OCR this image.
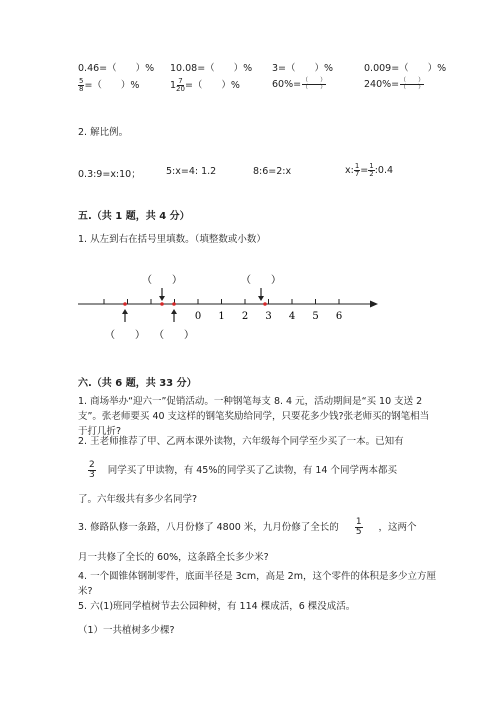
0.46=（　　）% 10.08=（　　）% 3=（　　）%	0.009=（　　）%
$\frac{5}{8}$ =（　　）%	$1 \frac{7}{20}$ =（　　）%	60%= （　　）
（　　）	240%= （　　）
（　　）
2. 解比例。
0.3:9=x:10；	5:x=4: 1.2	8:6=2:x	x: $\frac{1}{7} = \frac{1}{2}$ :0.4
五.（共 1 题，共 4 分）
1. 从左到右在括号里填数。（填整数或小数）
0 1 2 3 4 5 6
（　　）	（　　）
（　　） （　　）
六.（共 6 题，共 33 分）
1. 商场举办“迎六一”促销活动。一种钢笔每支 8. 4 元，活动期间是“买 10 支送 2 支”。张老师要买 40 支这样的钢笔奖励给同学，只要花多少钱?张老师买的钢笔相当于打几折?
2. 王老师推荐了甲、乙两本课外读物，六年级每个同学至少买了一本。已知有
$\frac{2}{3}$ 同学买了甲读物，有 45%的同学买了乙读物，有 14 个同学两本都买
了。六年级共有多少名同学?
3. 修路队修一条路，八月份修了 4800 米，九月份修了全长的 $\frac{1}{5}$ ，这两个
月一共修了全长的 60%，这条路全长多少米?
4. 一个圆锥体钢制零件，底面半径是 3cm，高是 2m，这个零件的体积是多少立方厘米?
5. 六(1)班同学植树节去公园种树，有 114 棵成活，6 棵没成活。
（1）一共植树多少棵?
